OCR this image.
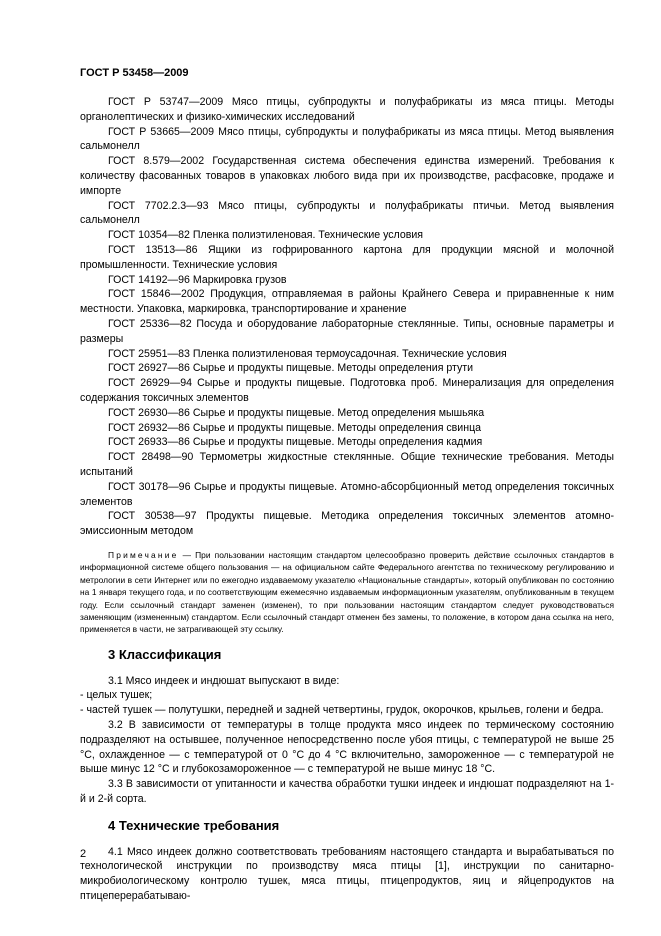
ГОСТ Р 53458—2009

ГОСТ Р 53747—2009 Мясо птицы, субпродукты и полуфабрикаты из мяса птицы. Методы органолептических и физико-химических исследований

ГОСТ Р 53665—2009 Мясо птицы, субпродукты и полуфабрикаты из мяса птицы. Метод выявления сальмонелл

ГОСТ 8.579—2002 Государственная система обеспечения единства измерений. Требования к количеству фасованных товаров в упаковках любого вида при их производстве, расфасовке, продаже и импорте

ГОСТ 7702.2.3—93 Мясо птицы, субпродукты и полуфабрикаты птичьи. Метод выявления сальмонелл

ГОСТ 10354—82 Пленка полиэтиленовая. Технические условия

ГОСТ 13513—86 Ящики из гофрированного картона для продукции мясной и молочной промышленности. Технические условия

ГОСТ 14192—96 Маркировка грузов

ГОСТ 15846—2002 Продукция, отправляемая в районы Крайнего Севера и приравненные к ним местности. Упаковка, маркировка, транспортирование и хранение

ГОСТ 25336—82 Посуда и оборудование лабораторные стеклянные. Типы, основные параметры и размеры

ГОСТ 25951—83 Пленка полиэтиленовая термоусадочная. Технические условия

ГОСТ 26927—86 Сырье и продукты пищевые. Методы определения ртути

ГОСТ 26929—94 Сырье и продукты пищевые. Подготовка проб. Минерализация для определения содержания токсичных элементов

ГОСТ 26930—86 Сырье и продукты пищевые. Метод определения мышьяка

ГОСТ 26932—86 Сырье и продукты пищевые. Методы определения свинца

ГОСТ 26933—86 Сырье и продукты пищевые. Методы определения кадмия

ГОСТ 28498—90 Термометры жидкостные стеклянные. Общие технические требования. Методы испытаний

ГОСТ 30178—96 Сырье и продукты пищевые. Атомно-абсорбционный метод определения токсичных элементов

ГОСТ 30538—97 Продукты пищевые. Методика определения токсичных элементов атомно-эмиссионным методом

Примечание — При пользовании настоящим стандартом целесообразно проверить действие ссылочных стандартов в информационной системе общего пользования — на официальном сайте Федерального агентства по техническому регулированию и метрологии в сети Интернет или по ежегодно издаваемому указателю «Национальные стандарты», который опубликован по состоянию на 1 января текущего года, и по соответствующим ежемесячно издаваемым информационным указателям, опубликованным в текущем году. Если ссылочный стандарт заменен (изменен), то при пользовании настоящим стандартом следует руководствоваться заменяющим (измененным) стандартом. Если ссылочный стандарт отменен без замены, то положение, в котором дана ссылка на него, применяется в части, не затрагивающей эту ссылку.

3 Классификация

3.1 Мясо индеек и индюшат выпускают в виде:

- целых тушек;

- частей тушек — полутушки, передней и задней четвертины, грудок, окорочков, крыльев, голени и бедра.

3.2 В зависимости от температуры в толще продукта мясо индеек по термическому состоянию подразделяют на остывшее, полученное непосредственно после убоя птицы, с температурой не выше 25 °С, охлажденное — с температурой от 0 °С до 4 °С включительно, замороженное — с температурой не выше минус 12 °С и глубокозамороженное — с температурой не выше минус 18 °С.

3.3 В зависимости от упитанности и качества обработки тушки индеек и индюшат подразделяют на 1-й и 2-й сорта.

4 Технические требования

4.1 Мясо индеек должно соответствовать требованиям настоящего стандарта и вырабатываться по технологической инструкции по производству мяса птицы [1], инструкции по санитарно-микробиологическому контролю тушек, мяса птицы, птицепродуктов, яиц и яйцепродуктов на птицеперерабатываю-

2
